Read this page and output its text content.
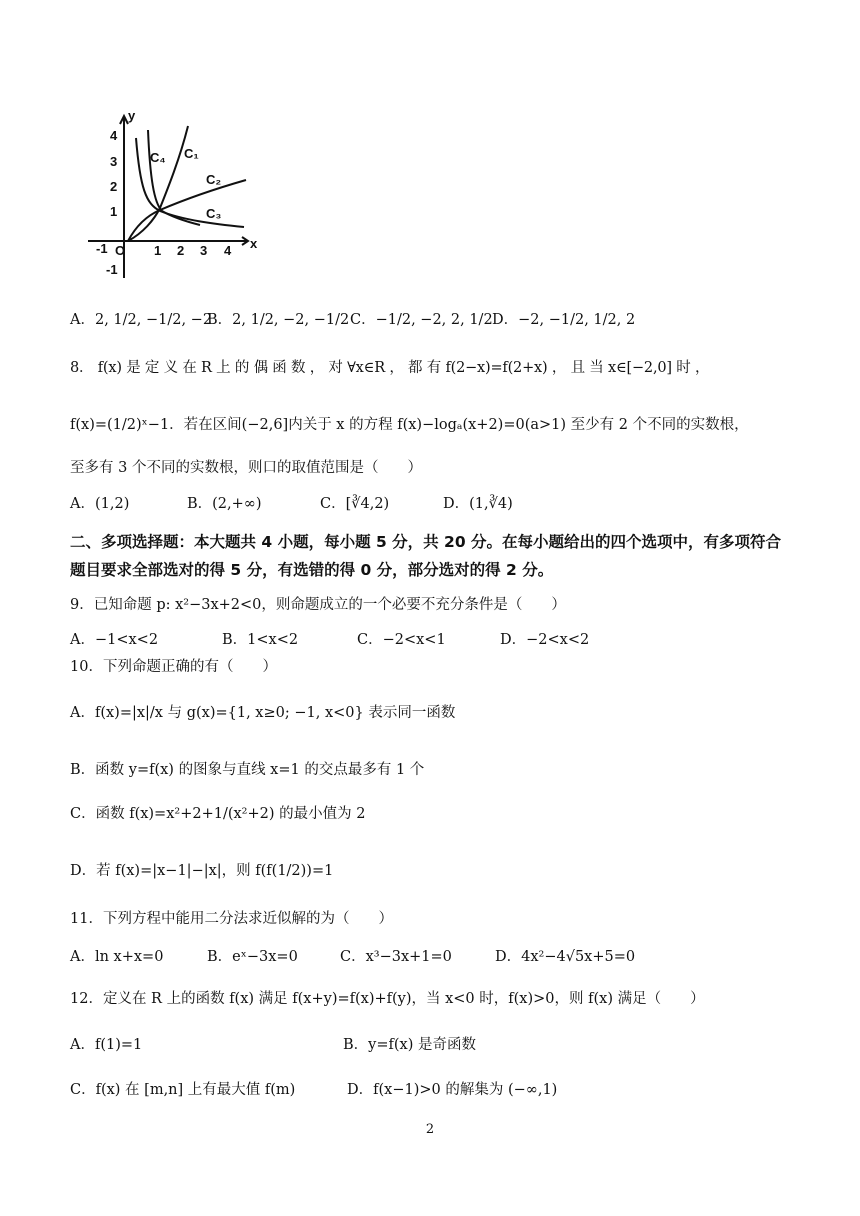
y
x
C₄ C₁
C₂
C₃
-1 O 1 2 3 4
4
3
2
1
-1
A．2, 1/2, −1/2, −2
B．2, 1/2, −2, −1/2 C．−1/2, −2, 2, 1/2 D．−2, −1/2, 1/2, 2
8． f(x) 是 定 义 在 R 上 的 偶 函 数 ， 对 ∀x∈R ， 都 有 f(2−x)=f(2+x) ， 且 当 x∈[−2,0] 时 ，
f(x)=(1/2)ˣ−1．若在区间(−2,6]内关于 x 的方程 f(x)−logₐ(x+2)=0(a>1) 至少有 2 个不同的实数根，
至多有 3 个不同的实数根，则口的取值范围是（　　）
A．(1,2)	B．(2,+∞)	C．[∛4,2)	D．(1,∛4)
二、多项选择题：本大题共 4 小题，每小题 5 分，共 20 分。在每小题给出的四个选项中，有多项符合题目要求全部选对的得 5 分，有选错的得 0 分，部分选对的得 2 分。
9．已知命题 p: x²−3x+2<0，则命题成立的一个必要不充分条件是（　　）
A．−1<x<2	B．1<x<2	C．−2<x<1	D．−2<x<2
10．下列命题正确的有（　　）
A．f(x)=|x|/x 与 g(x)={1, x≥0; −1, x<0} 表示同一函数
B．函数 y=f(x) 的图象与直线 x=1 的交点最多有 1 个
C．函数 f(x)=x²+2+1/(x²+2) 的最小值为 2
D．若 f(x)=|x−1|−|x|，则 f(f(1/2))=1
11．下列方程中能用二分法求近似解的为（　　）
A．ln x+x=0	B．eˣ−3x=0	C．x³−3x+1=0	D．4x²−4√5x+5=0
12．定义在 R 上的函数 f(x) 满足 f(x+y)=f(x)+f(y)，当 x<0 时，f(x)>0，则 f(x) 满足（　　）
A．f(1)=1	B．y=f(x) 是奇函数
C．f(x) 在 [m,n] 上有最大值 f(m)	D．f(x−1)>0 的解集为 (−∞,1)
2
